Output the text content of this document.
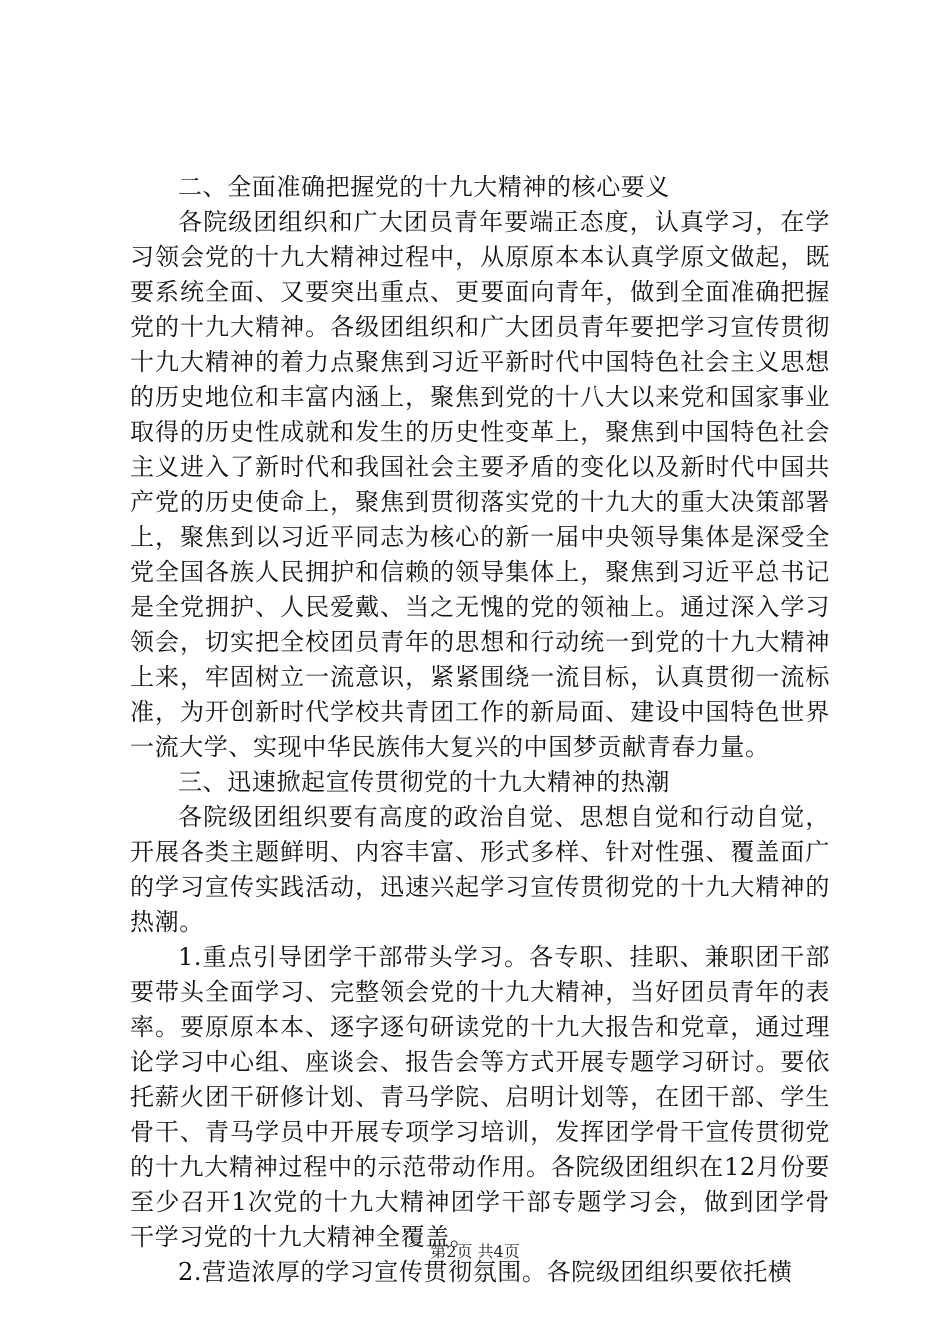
二、全面准确把握党的十九大精神的核心要义

各院级团组织和广大团员青年要端正态度，认真学习，在学习领会党的十九大精神过程中，从原原本本认真学原文做起，既要系统全面、又要突出重点、更要面向青年，做到全面准确把握党的十九大精神。各级团组织和广大团员青年要把学习宣传贯彻十九大精神的着力点聚焦到习近平新时代中国特色社会主义思想的历史地位和丰富内涵上，聚焦到党的十八大以来党和国家事业取得的历史性成就和发生的历史性变革上，聚焦到中国特色社会主义进入了新时代和我国社会主要矛盾的变化以及新时代中国共产党的历史使命上，聚焦到贯彻落实党的十九大的重大决策部署上，聚焦到以习近平同志为核心的新一届中央领导集体是深受全党全国各族人民拥护和信赖的领导集体上，聚焦到习近平总书记是全党拥护、人民爱戴、当之无愧的党的领袖上。通过深入学习领会，切实把全校团员青年的思想和行动统一到党的十九大精神上来，牢固树立一流意识，紧紧围绕一流目标，认真贯彻一流标准，为开创新时代学校共青团工作的新局面、建设中国特色世界一流大学、实现中华民族伟大复兴的中国梦贡献青春力量。

三、迅速掀起宣传贯彻党的十九大精神的热潮

各院级团组织要有高度的政治自觉、思想自觉和行动自觉，开展各类主题鲜明、内容丰富、形式多样、针对性强、覆盖面广的学习宣传实践活动，迅速兴起学习宣传贯彻党的十九大精神的热潮。

1.重点引导团学干部带头学习。各专职、挂职、兼职团干部要带头全面学习、完整领会党的十九大精神，当好团员青年的表率。要原原本本、逐字逐句研读党的十九大报告和党章，通过理论学习中心组、座谈会、报告会等方式开展专题学习研讨。要依托薪火团干研修计划、青马学院、启明计划等，在团干部、学生骨干、青马学员中开展专项学习培训，发挥团学骨干宣传贯彻党的十九大精神过程中的示范带动作用。各院级团组织在12月份要至少召开1次党的十九大精神团学干部专题学习会，做到团学骨干学习党的十九大精神全覆盖。

2.营造浓厚的学习宣传贯彻氛围。各院级团组织要依托横

第2页 共4页
